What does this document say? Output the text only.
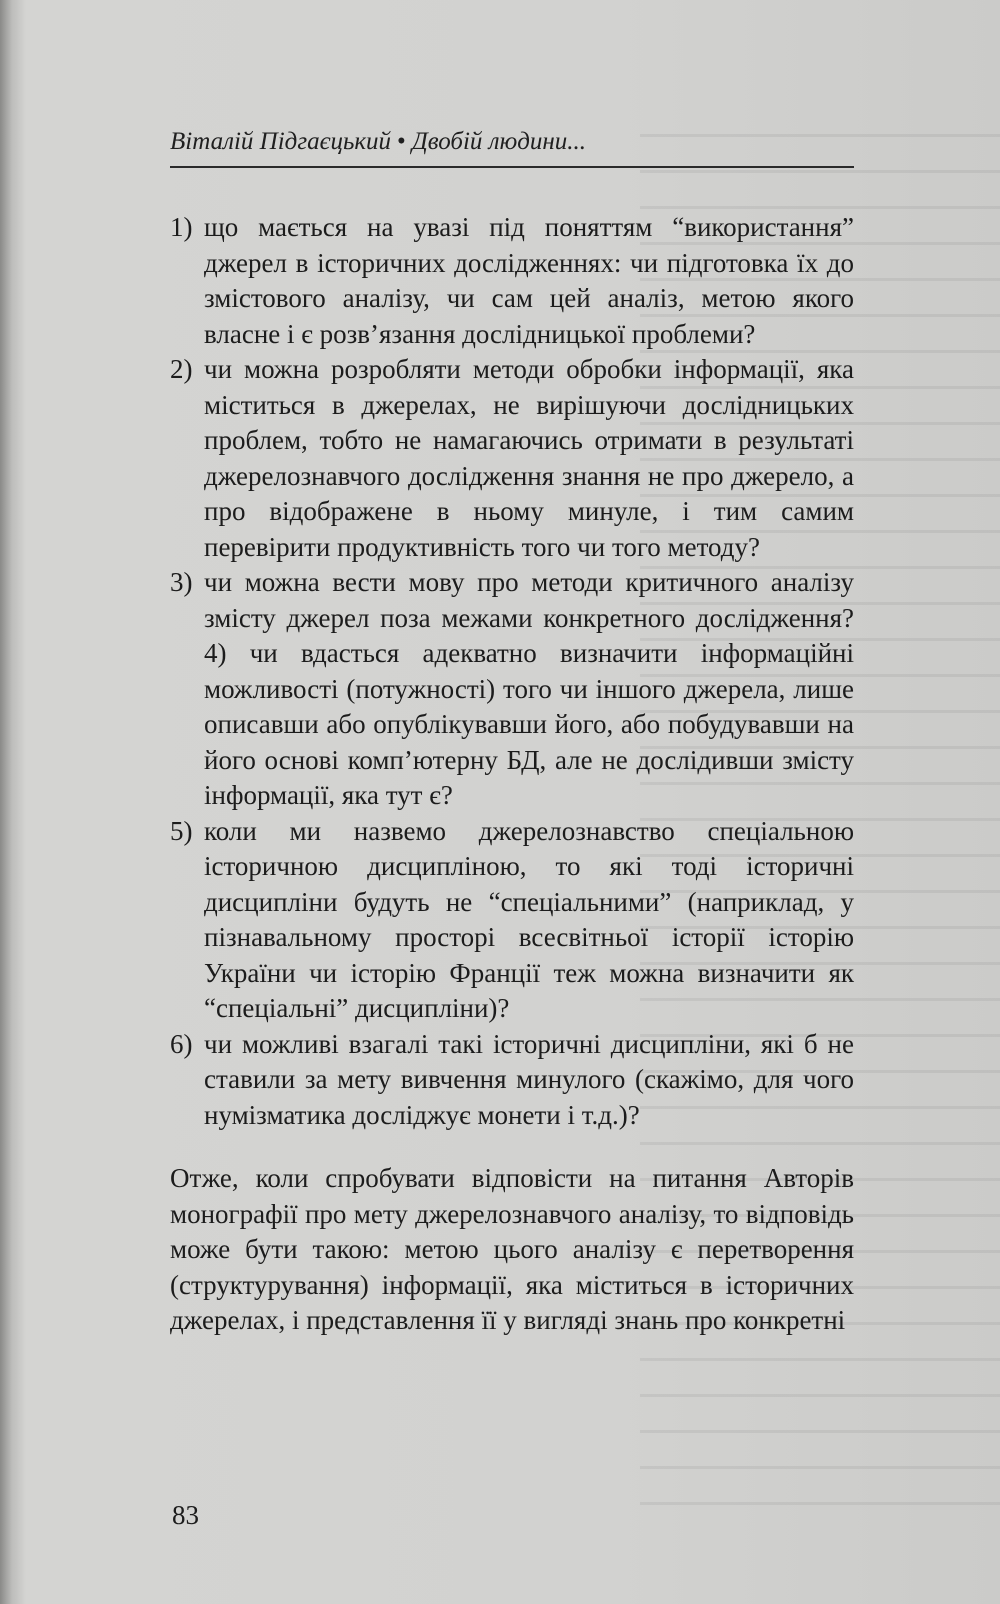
Віталій Підгаєцький • Двобій людини...

1) що мається на увазі під поняттям “використання” джерел в історичних дослідженнях: чи підготовка їх до змістового аналізу, чи сам цей аналіз, метою якого власне і є розв’язання дослідницької проблеми?

2) чи можна розробляти методи обробки інформації, яка міститься в джерелах, не вирішуючи дослідницьких проблем, тобто не намагаючись отримати в результаті джерелознавчого дослідження знання не про джерело, а про відображене в ньому минуле, і тим самим перевірити продуктивність того чи того методу?

3) чи можна вести мову про методи критичного аналізу змісту джерел поза межами конкретного дослідження? 4) чи вдасться адекватно визначити інформаційні можливості (потужності) того чи іншого джерела, лише описавши або опублікувавши його, або побудувавши на його основі комп’ютерну БД, але не дослідивши змісту інформації, яка тут є?

5) коли ми назвемо джерелознавство спеціальною історичною дисципліною, то які тоді історичні дисципліни будуть не “спеціальними” (наприклад, у пізнавальному просторі всесвітньої історії історію України чи історію Франції теж можна визначити як “спеціальні” дисципліни)?

6) чи можливі взагалі такі історичні дисципліни, які б не ставили за мету вивчення минулого (скажімо, для чого нумізматика досліджує монети і т.д.)?

Отже, коли спробувати відповісти на питання Авторів монографії про мету джерелознавчого аналізу, то відповідь може бути такою: метою цього аналізу є перетворення (структурування) інформації, яка міститься в історичних джерелах, і представлення її у вигляді знань про конкретні

83
